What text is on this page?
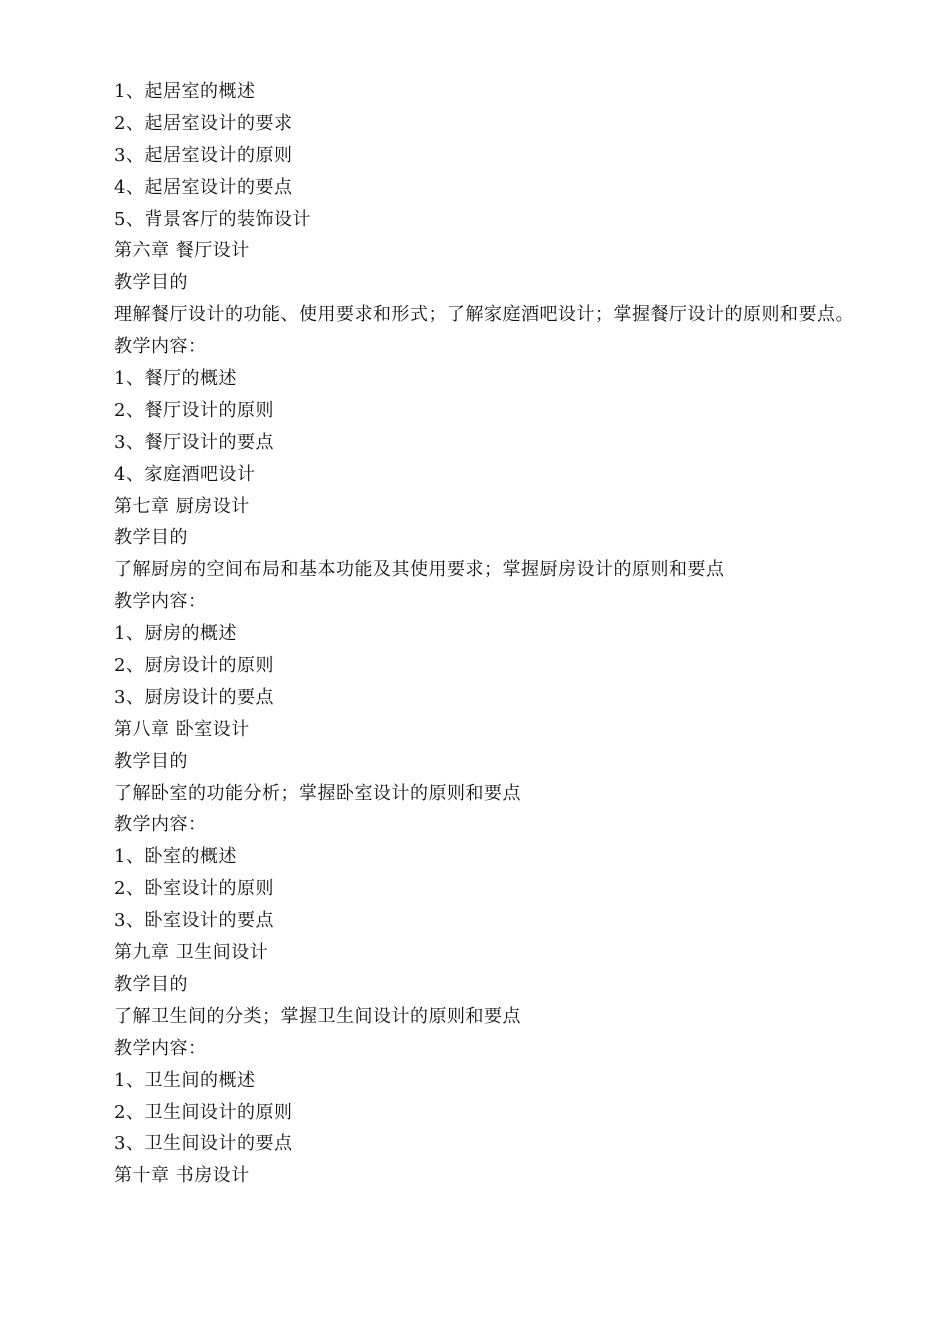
1、起居室的概述
2、起居室设计的要求
3、起居室设计的原则
4、起居室设计的要点
5、背景客厅的装饰设计
第六章 餐厅设计
教学目的
理解餐厅设计的功能、使用要求和形式；了解家庭酒吧设计；掌握餐厅设计的原则和要点。
教学内容：
1、餐厅的概述
2、餐厅设计的原则
3、餐厅设计的要点
4、家庭酒吧设计
第七章 厨房设计
教学目的
了解厨房的空间布局和基本功能及其使用要求；掌握厨房设计的原则和要点
教学内容：
1、厨房的概述
2、厨房设计的原则
3、厨房设计的要点
第八章 卧室设计
教学目的
了解卧室的功能分析；掌握卧室设计的原则和要点
教学内容：
1、卧室的概述
2、卧室设计的原则
3、卧室设计的要点
第九章 卫生间设计
教学目的
了解卫生间的分类；掌握卫生间设计的原则和要点
教学内容：
1、卫生间的概述
2、卫生间设计的原则
3、卫生间设计的要点
第十章 书房设计
